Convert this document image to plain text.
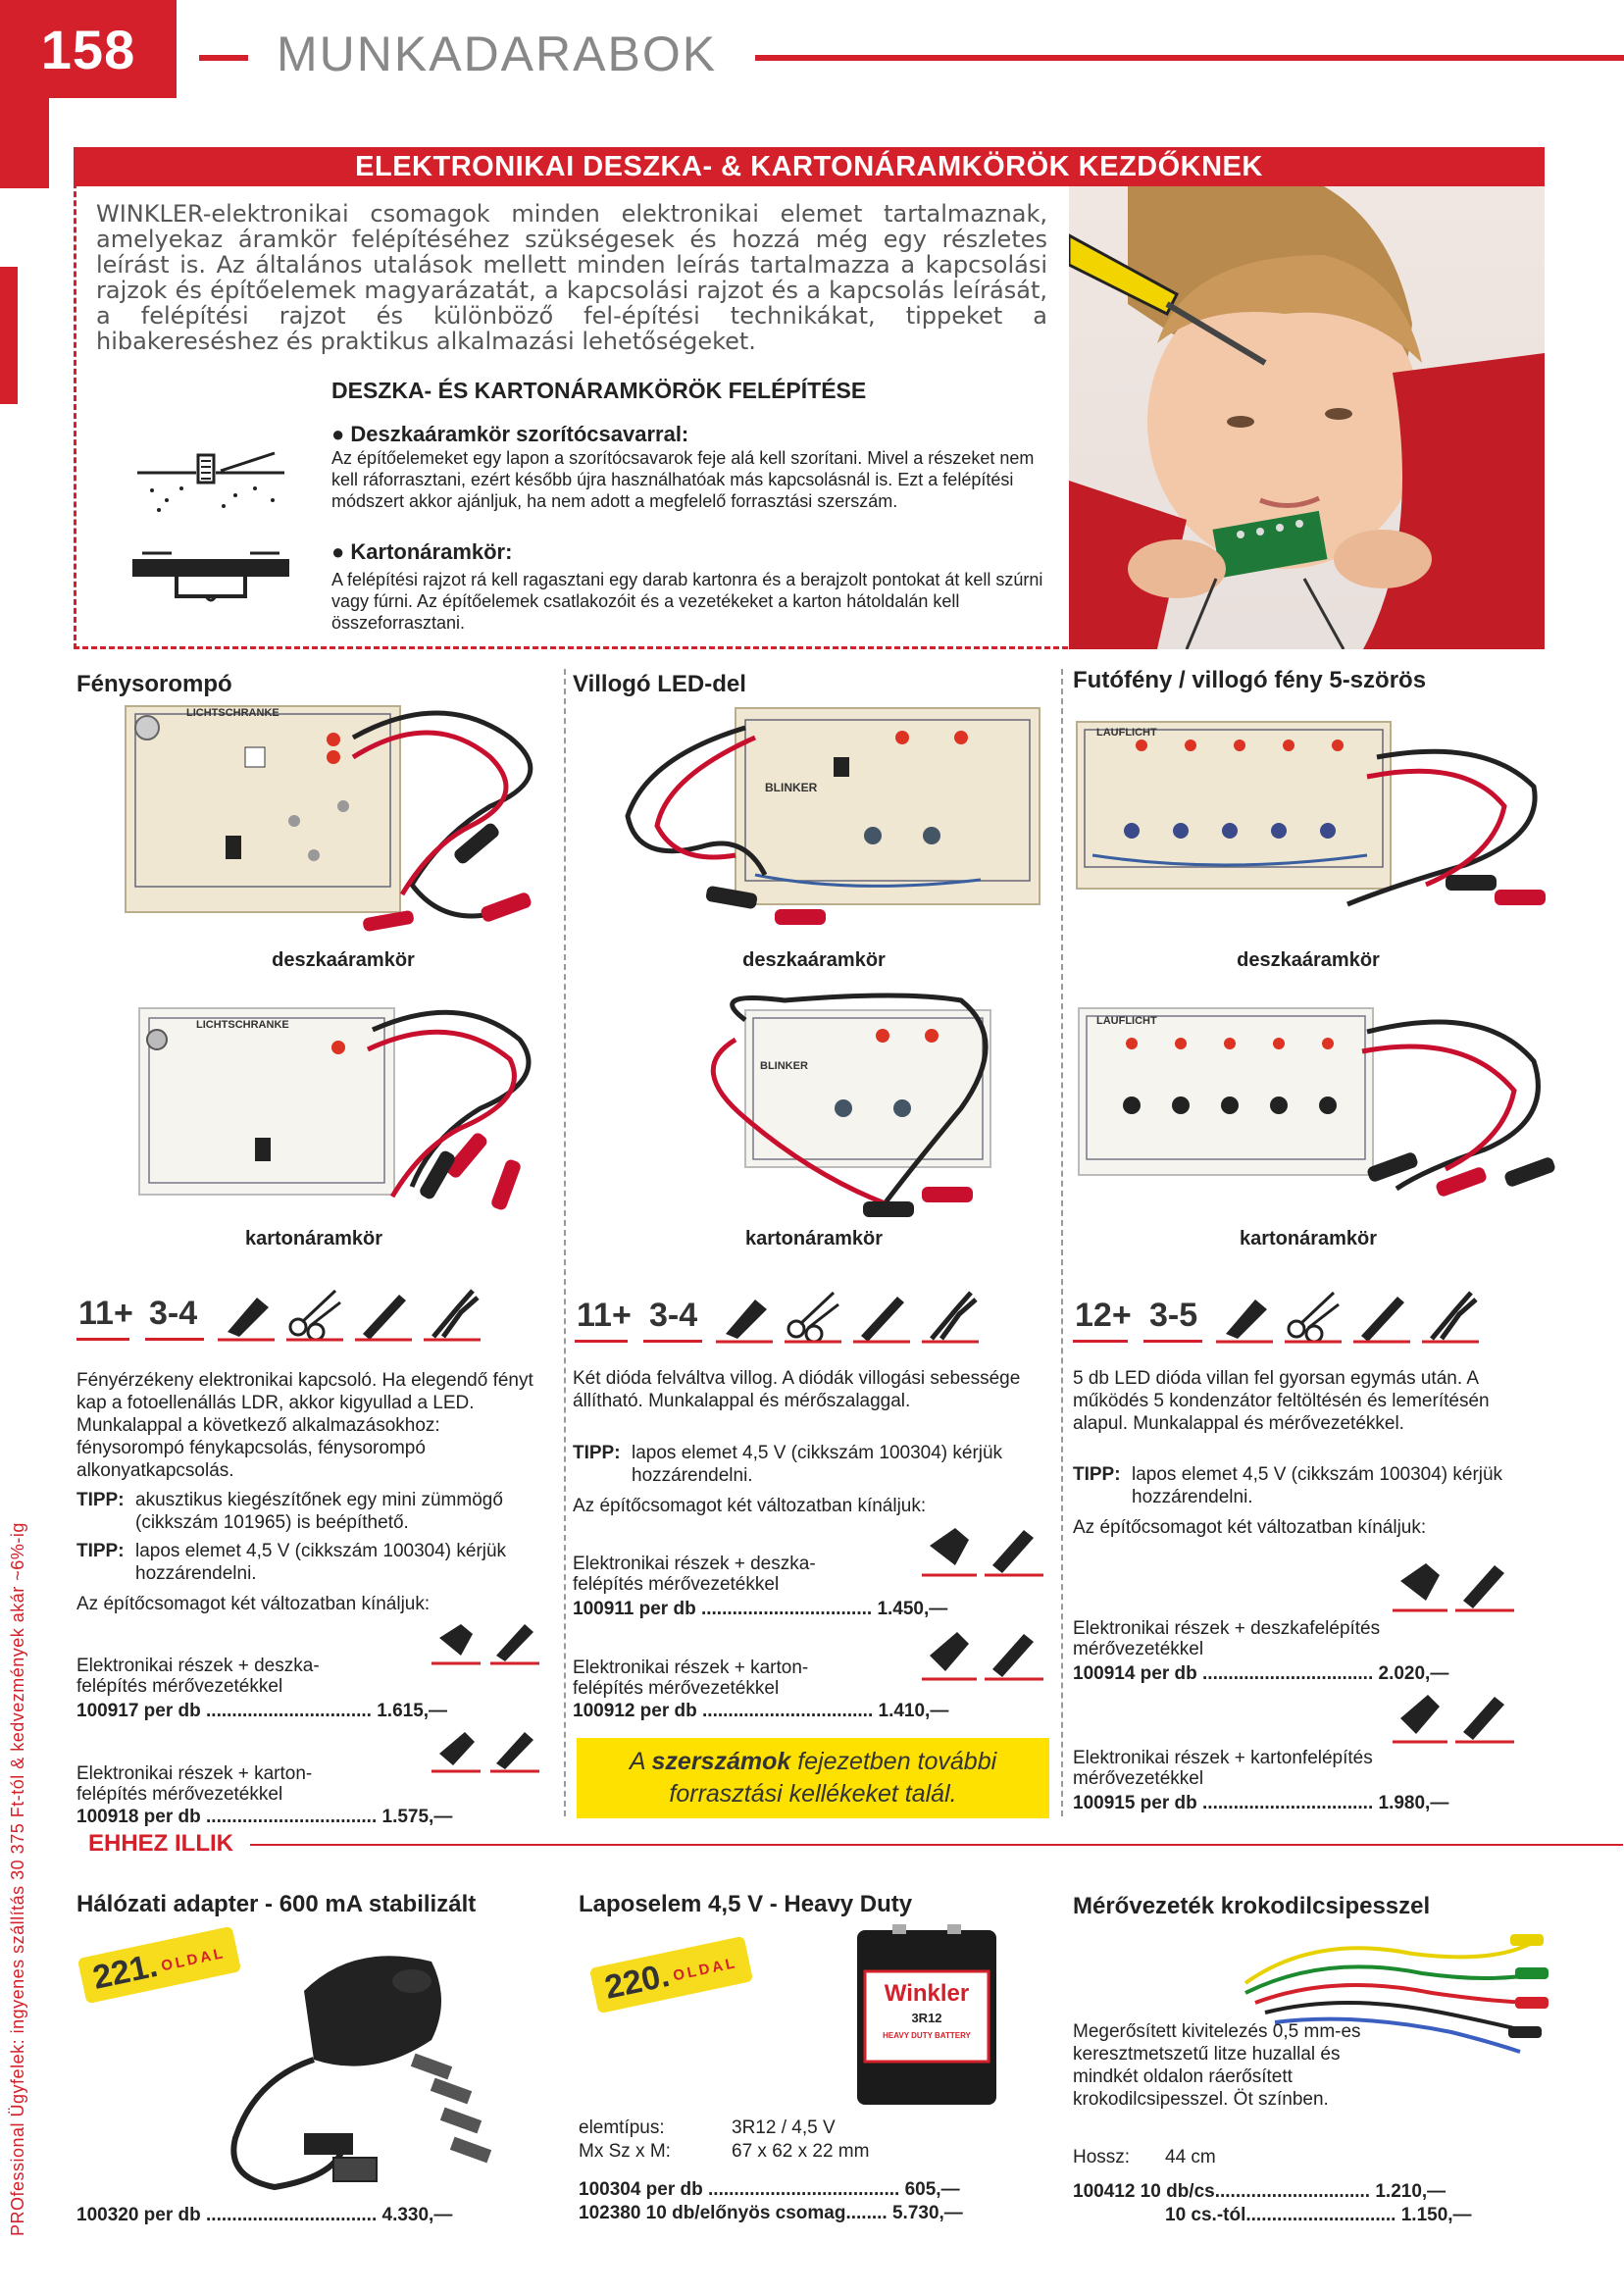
158	MUNKADARABOK
ELEKTRONIKAI DESZKA- & KARTONÁRAMKÖRÖK KEZDŐKNEK
WINKLER-elektronikai csomagok minden elektronikai elemet tartalmaznak, amelyekaz áramkör felépítéséhez szükségesek és hozzá még egy részletes leírást is. Az általános utalások mellett minden leírás tartalmazza a kapcsolási rajzok és építőelemek magyarázatát, a kapcsolási rajzot és a kapcsolás leírását, a felépítési rajzot és különböző fel-építési technikákat, tippeket a hibakereséshez és praktikus alkalmazási lehetőségeket.
DESZKA- ÉS KARTONÁRAMKÖRÖK FELÉPÍTÉSE
● Deszkaáramkör szorítócsavarral:
Az építőelemeket egy lapon a szorítócsavarok feje alá kell szorítani. Mivel a részeket nem kell ráforrasztani, ezért később újra használhatóak más kapcsolásnál is. Ezt a felépítési módszert akkor ajánljuk, ha nem adott a megfelelő forrasztási szerszám.
● Kartonáramkör:
A felépítési rajzot rá kell ragasztani egy darab kartonra és a berajzolt pontokat át kell szúrni vagy fúrni. Az építőelemek csatlakozóit és a vezetékeket a karton hátoldalán kell összeforrasztani.
Fénysorompó
LICHTSCHRANKE
deszkaáramkör
LICHTSCHRANKE
kartonáramkör
11+ 3-4
Fényérzékeny elektronikai kapcsoló. Ha elegendő fényt kap a fotoellenállás LDR, akkor kigyullad a LED. Munkalappal a következő alkalmazásokhoz: fénysorompó fénykapcsolás, fénysorompó alkonyatkapcsolás.
TIPP: akusztikus kiegészítőnek egy mini zümmögő (cikkszám 101965) is beépíthető.
TIPP: lapos elemet 4,5 V (cikkszám 100304) kérjük hozzárendelni.
Az építőcsomagot két változatban kínáljuk:
Elektronikai részek + deszkafelépítés mérővezetékkel
100917 per db ................................ 1.615,—
Elektronikai részek + kartonfelépítés mérővezetékkel
100918 per db ................................. 1.575,—
Villogó LED-del
BLINKER
deszkaáramkör
BLINKER
kartonáramkör
11+ 3-4
Két dióda felváltva villog. A diódák villogási sebessége állítható. Munkalappal és mérőszalaggal.
TIPP: lapos elemet 4,5 V (cikkszám 100304) kérjük hozzárendelni.
Az építőcsomagot két változatban kínáljuk:
Elektronikai részek + deszkafelépítés mérővezetékkel
100911 per db ................................. 1.450,—
Elektronikai részek + kartonfelépítés mérővezetékkel
100912 per db ................................. 1.410,—
A szerszámok fejezetben további
forrasztási kellékeket talál.
Futófény / villogó fény 5-szörös
LAUFLICHT
deszkaáramkör
LAUFLICHT
kartonáramkör
12+ 3-5
5 db LED dióda villan fel gyorsan egymás után. A működés 5 kondenzátor feltöltésén és lemerítésén alapul. Munkalappal és mérővezetékkel.
TIPP: lapos elemet 4,5 V (cikkszám 100304) kérjük hozzárendelni.
Az építőcsomagot két változatban kínáljuk:
Elektronikai részek + deszkafelépítés mérővezetékkel
100914 per db ................................. 2.020,—
Elektronikai részek + kartonfelépítés mérővezetékkel
100915 per db ................................. 1.980,—
EHHEZ ILLIK
Hálózati adapter - 600 mA stabilizált
221.OLDAL
100320 per db ................................. 4.330,—
Laposelem 4,5 V - Heavy Duty
220.OLDAL
Winkler
3R12
HEAVY DUTY BATTERY
elemtípus:	3R12 / 4,5 V
Mx Sz x M:	67 x 62 x 22 mm
100304 per db ..................................... 605,—
102380 10 db/előnyös csomag........ 5.730,—
Mérővezeték krokodilcsipesszel
Megerősített kivitelezés 0,5 mm-es keresztmetszetű litze huzallal és mindkét oldalon ráerősített krokodilcsipesszel. Öt színben.
Hossz: 44 cm
100412 10 db/cs.............................. 1.210,—
10 cs.-tól............................. 1.150,—
PROfessional Ügyfelek: ingyenes szállítás 30 375 Ft-tól & kedvezmények akár ~6%-ig
